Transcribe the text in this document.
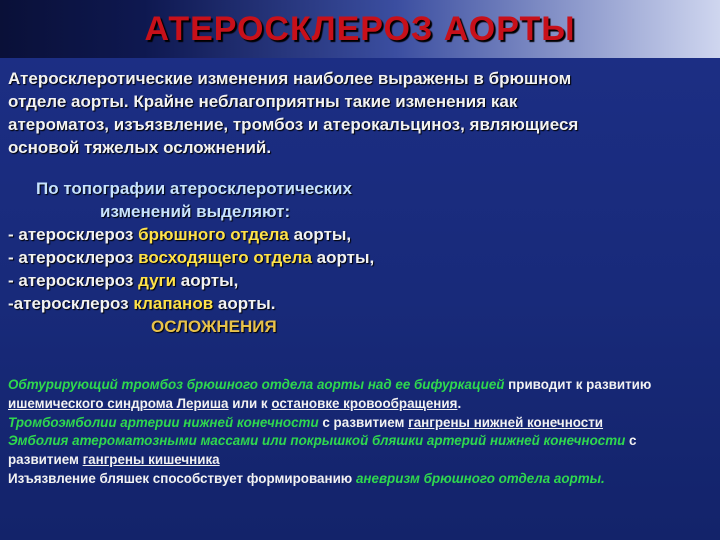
АТЕРОСКЛЕРОЗ АОРТЫ
Атеросклеротические изменения наиболее выражены в брюшном
отделе аорты. Крайне неблагоприятны такие изменения как
атероматоз, изъязвление, тромбоз и атерокальциноз, являющиеся
основой тяжелых осложнений.
По топографии атеросклеротических
изменений выделяют:
- атеросклероз брюшного отдела аорты,
- атеросклероз восходящего отдела аорты,
- атеросклероз дуги аорты,
-атеросклероз клапанов аорты.
ОСЛОЖНЕНИЯ
Обтурирующий тромбоз брюшного отдела аорты над ее бифуркацией приводит к развитию ишемического синдрома Лериша или к остановке кровообращения.
Тромбоэмболии артерии нижней конечности с развитием гангрены нижней конечности
Эмболия атероматозными массами или покрышкой бляшки артерий нижней конечности с развитием гангрены кишечника
Изъязвление бляшек способствует формированию аневризм брюшного отдела аорты.
